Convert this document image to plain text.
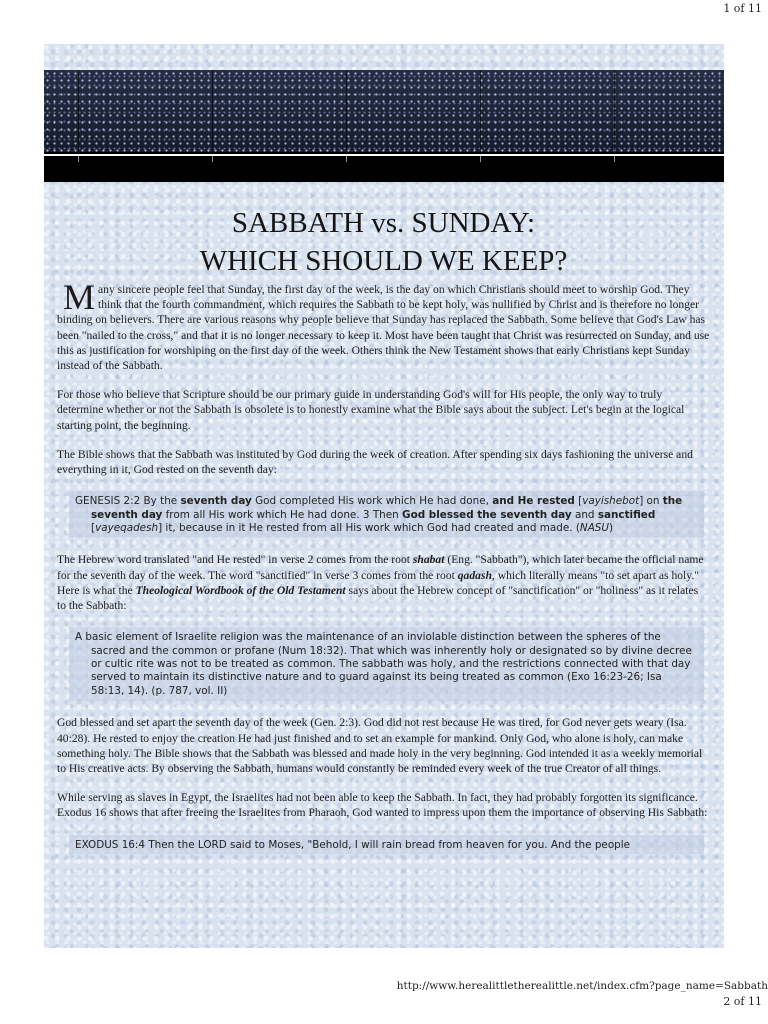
1 of 11
SABBATH vs. SUNDAY:
WHICH SHOULD WE KEEP?

Many sincere people feel that Sunday, the first day of the week, is the day on which Christians should meet to worship God. They think that the fourth commandment, which requires the Sabbath to be kept holy, was nullified by Christ and is therefore no longer binding on believers. There are various reasons why people believe that Sunday has replaced the Sabbath. Some believe that God's Law has been "nailed to the cross," and that it is no longer necessary to keep it. Most have been taught that Christ was resurrected on Sunday, and use this as justification for worshiping on the first day of the week. Others think the New Testament shows that early Christians kept Sunday instead of the Sabbath.

For those who believe that Scripture should be our primary guide in understanding God's will for His people, the only way to truly determine whether or not the Sabbath is obsolete is to honestly examine what the Bible says about the subject. Let's begin at the logical starting point, the beginning.

The Bible shows that the Sabbath was instituted by God during the week of creation. After spending six days fashioning the universe and everything in it, God rested on the seventh day:

GENESIS 2:2 By the seventh day God completed His work which He had done, and He rested [vayishebot] on the seventh day from all His work which He had done. 3 Then God blessed the seventh day and sanctified [vayeqadesh] it, because in it He rested from all His work which God had created and made. (NASU)

The Hebrew word translated "and He rested" in verse 2 comes from the root shabat (Eng. "Sabbath"), which later became the official name for the seventh day of the week. The word "sanctified" in verse 3 comes from the root qadash, which literally means "to set apart as holy." Here is what the Theological Wordbook of the Old Testament says about the Hebrew concept of "sanctification" or "holiness" as it relates to the Sabbath:

A basic element of Israelite religion was the maintenance of an inviolable distinction between the spheres of the sacred and the common or profane (Num 18:32). That which was inherently holy or designated so by divine decree or cultic rite was not to be treated as common. The sabbath was holy, and the restrictions connected with that day served to maintain its distinctive nature and to guard against its being treated as common (Exo 16:23-26; Isa 58:13, 14). (p. 787, vol. II)

God blessed and set apart the seventh day of the week (Gen. 2:3). God did not rest because He was tired, for God never gets weary (Isa. 40:28). He rested to enjoy the creation He had just finished and to set an example for mankind. Only God, who alone is holy, can make something holy. The Bible shows that the Sabbath was blessed and made holy in the very beginning. God intended it as a weekly memorial to His creative acts. By observing the Sabbath, humans would constantly be reminded every week of the true Creator of all things.

While serving as slaves in Egypt, the Israelites had not been able to keep the Sabbath. In fact, they had probably forgotten its significance. Exodus 16 shows that after freeing the Israelites from Pharaoh, God wanted to impress upon them the importance of observing His Sabbath:

EXODUS 16:4 Then the LORD said to Moses, "Behold, I will rain bread from heaven for you. And the people
http://www.herealittletherealittle.net/index.cfm?page_name=Sabbath
2 of 11
